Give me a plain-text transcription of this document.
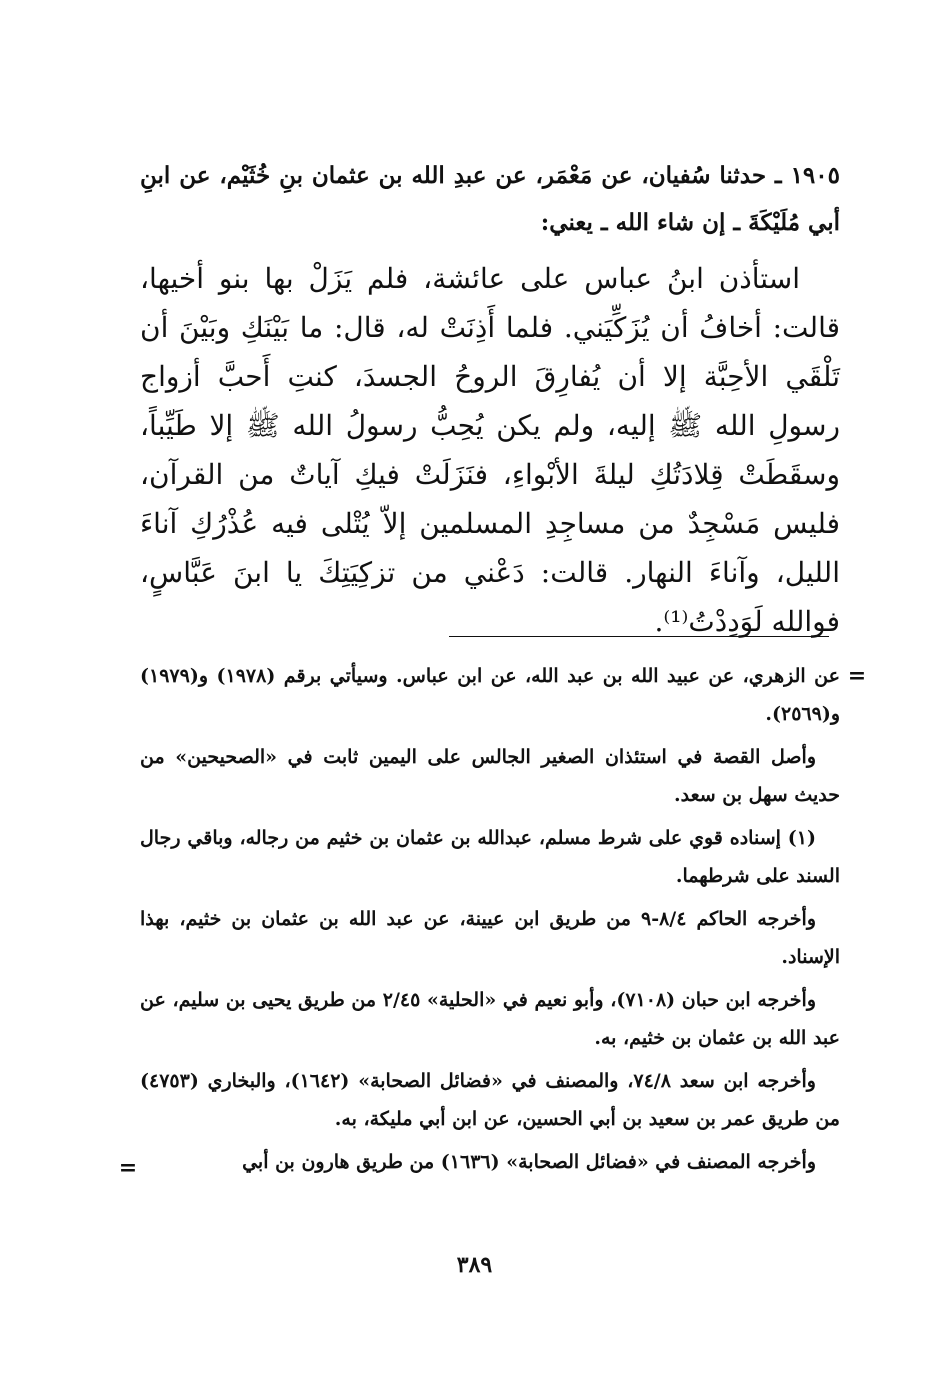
١٩٠٥ ـ حدثنا سُفيان، عن مَعْمَر، عن عبدِ الله بن عثمان بنِ خُثَيْم، عن ابنِ أبي مُلَيْكَةَ ـ إن شاء الله ـ يعني:

استأذن ابنُ عباس على عائشة، فلم يَزَلْ بها بنو أخيها، قالت: أخافُ أن يُزَكِّيَني. فلما أَذِنَتْ له، قال: ما بَيْنَكِ وبَيْنَ أن تَلْقَي الأحِبَّة إلا أن يُفارِقَ الروحُ الجسدَ، كنتِ أَحبَّ أزواج رسولِ الله ﷺ إليه، ولم يكن يُحِبُّ رسولُ الله ﷺ إلا طَيِّباً، وسقَطَتْ قِلادَتُكِ ليلةَ الأبْواءِ، فنَزَلَتْ فيكِ آياتٌ من القرآن، فليس مَسْجِدٌ من مساجِدِ المسلمين إلاّ يُتْلى فيه عُذْرُكِ آناءَ الليل، وآناءَ النهار. قالت: دَعْني من تزكِيَتِكَ يا ابنَ عَبَّاسٍ، فوالله لَوَدِدْتُ⁽¹⁾.

=

عن الزهري، عن عبيد الله بن عبد الله، عن ابن عباس. وسيأتي برقم (١٩٧٨) و(١٩٧٩) و(٢٥٦٩).

وأصل القصة في استئذان الصغير الجالس على اليمين ثابت في «الصحيحين» من حديث سهل بن سعد.

(١) إسناده قوي على شرط مسلم، عبدالله بن عثمان بن خثيم من رجاله، وباقي رجال السند على شرطهما.

وأخرجه الحاكم ٨/٤-٩ من طريق ابن عيينة، عن عبد الله بن عثمان بن خثيم، بهذا الإسناد.

وأخرجه ابن حبان (٧١٠٨)، وأبو نعيم في «الحلية» ٢/٤٥ من طريق يحيى بن سليم، عن عبد الله بن عثمان بن خثيم، به.

وأخرجه ابن سعد ٧٤/٨، والمصنف في «فضائل الصحابة» (١٦٤٢)، والبخاري (٤٧٥٣) من طريق عمر بن سعيد بن أبي الحسين، عن ابن أبي مليكة، به.

وأخرجه المصنف في «فضائل الصحابة» (١٦٣٦) من طريق هارون بن أبي

=
٣٨٩
